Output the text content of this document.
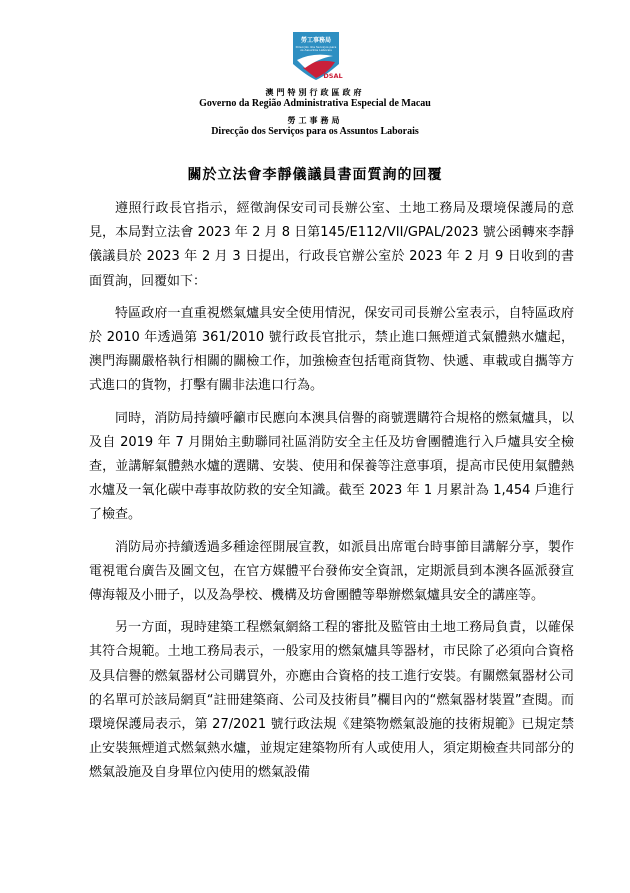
勞工事務局
Direcção dos Serviços para os Assuntos Laborais
DSAL
澳門特別行政區政府
Governo da Região Administrativa Especial de Macau
勞工事務局
Direcção dos Serviços para os Assuntos Laborais
關於立法會李靜儀議員書面質詢的回覆

遵照行政長官指示，經徵詢保安司司長辦公室、土地工務局及環境保護局的意見，本局對立法會 2023 年 2 月 8 日第145/E112/VII/GPAL/2023 號公函轉來李靜儀議員於 2023 年 2 月 3 日提出，行政長官辦公室於 2023 年 2 月 9 日收到的書面質詢，回覆如下：

特區政府一直重視燃氣爐具安全使用情況，保安司司長辦公室表示，自特區政府於 2010 年透過第 361/2010 號行政長官批示，禁止進口無煙道式氣體熱水爐起，澳門海關嚴格執行相關的關檢工作，加強檢查包括電商貨物、快遞、車載或自攜等方式進口的貨物，打擊有關非法進口行為。

同時，消防局持續呼籲市民應向本澳具信譽的商號選購符合規格的燃氣爐具，以及自 2019 年 7 月開始主動聯同社區消防安全主任及坊會團體進行入戶爐具安全檢查，並講解氣體熱水爐的選購、安裝、使用和保養等注意事項，提高市民使用氣體熱水爐及一氧化碳中毒事故防救的安全知識。截至 2023 年 1 月累計為 1,454 戶進行了檢查。

消防局亦持續透過多種途徑開展宣教，如派員出席電台時事節目講解分享，製作電視電台廣告及圖文包，在官方媒體平台發佈安全資訊，定期派員到本澳各區派發宣傳海報及小冊子，以及為學校、機構及坊會團體等舉辦燃氣爐具安全的講座等。

另一方面，現時建築工程燃氣網絡工程的審批及監管由土地工務局負責，以確保其符合規範。土地工務局表示，一般家用的燃氣爐具等器材，市民除了必須向合資格及具信譽的燃氣器材公司購買外，亦應由合資格的技工進行安裝。有關燃氣器材公司的名單可於該局網頁“註冊建築商、公司及技術員”欄目內的“燃氣器材裝置”查閱。而環境保護局表示，第 27/2021 號行政法規《建築物燃氣設施的技術規範》已規定禁止安裝無煙道式燃氣熱水爐，並規定建築物所有人或使用人，須定期檢查共同部分的燃氣設施及自身單位內使用的燃氣設備
